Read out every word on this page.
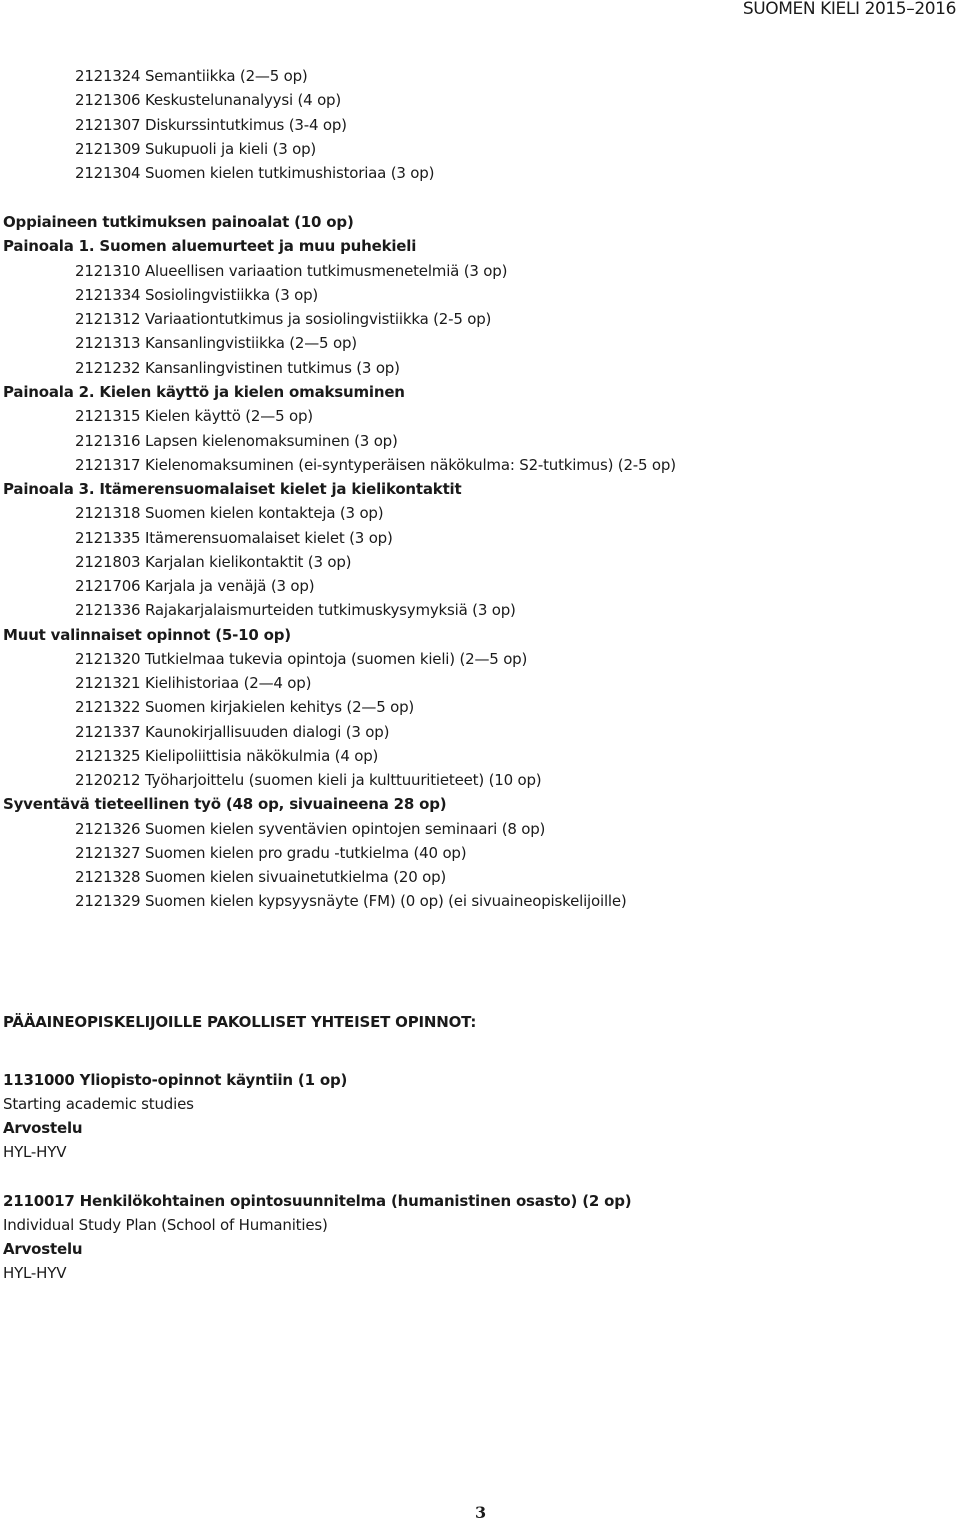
SUOMEN KIELI 2015–2016
2121324 Semantiikka (2—5 op)
2121306 Keskustelunanalyysi (4 op)
2121307 Diskurssintutkimus (3-4 op)
2121309 Sukupuoli ja kieli (3 op)
2121304 Suomen kielen tutkimushistoriaa (3 op)
Oppiaineen tutkimuksen painoalat (10 op)
Painoala 1. Suomen aluemurteet ja muu puhekieli
2121310 Alueellisen variaation tutkimusmenetelmiä (3 op)
2121334 Sosiolingvistiikka (3 op)
2121312 Variaationtutkimus ja sosiolingvistiikka (2-5 op)
2121313 Kansanlingvistiikka (2—5 op)
2121232 Kansanlingvistinen tutkimus (3 op)
Painoala 2. Kielen käyttö ja kielen omaksuminen
2121315 Kielen käyttö (2—5 op)
2121316 Lapsen kielenomaksuminen (3 op)
2121317 Kielenomaksuminen (ei-syntyperäisen näkökulma: S2-tutkimus) (2-5 op)
Painoala 3. Itämerensuomalaiset kielet ja kielikontaktit
2121318 Suomen kielen kontakteja (3 op)
2121335 Itämerensuomalaiset kielet (3 op)
2121803 Karjalan kielikontaktit (3 op)
2121706 Karjala ja venäjä (3 op)
2121336 Rajakarjalaismurteiden tutkimuskysymyksiä (3 op)
Muut valinnaiset opinnot (5-10 op)
2121320 Tutkielmaa tukevia opintoja (suomen kieli) (2—5 op)
2121321 Kielihistoriaa (2—4 op)
2121322 Suomen kirjakielen kehitys (2—5 op)
2121337 Kaunokirjallisuuden dialogi (3 op)
2121325 Kielipoliittisia näkökulmia (4 op)
2120212 Työharjoittelu (suomen kieli ja kulttuuritieteet) (10 op)
Syventävä tieteellinen työ (48 op, sivuaineena 28 op)
2121326 Suomen kielen syventävien opintojen seminaari (8 op)
2121327 Suomen kielen pro gradu -tutkielma (40 op)
2121328 Suomen kielen sivuainetutkielma (20 op)
2121329 Suomen kielen kypsyysnäyte (FM) (0 op) (ei sivuaineopiskelijoille)
PÄÄAINEOPISKELIJOILLE PAKOLLISET YHTEISET OPINNOT:
1131000 Yliopisto-opinnot käyntiin (1 op)
Starting academic studies
Arvostelu
HYL-HYV
2110017 Henkilökohtainen opintosuunnitelma (humanistinen osasto) (2 op)
Individual Study Plan (School of Humanities)
Arvostelu
HYL-HYV
3
